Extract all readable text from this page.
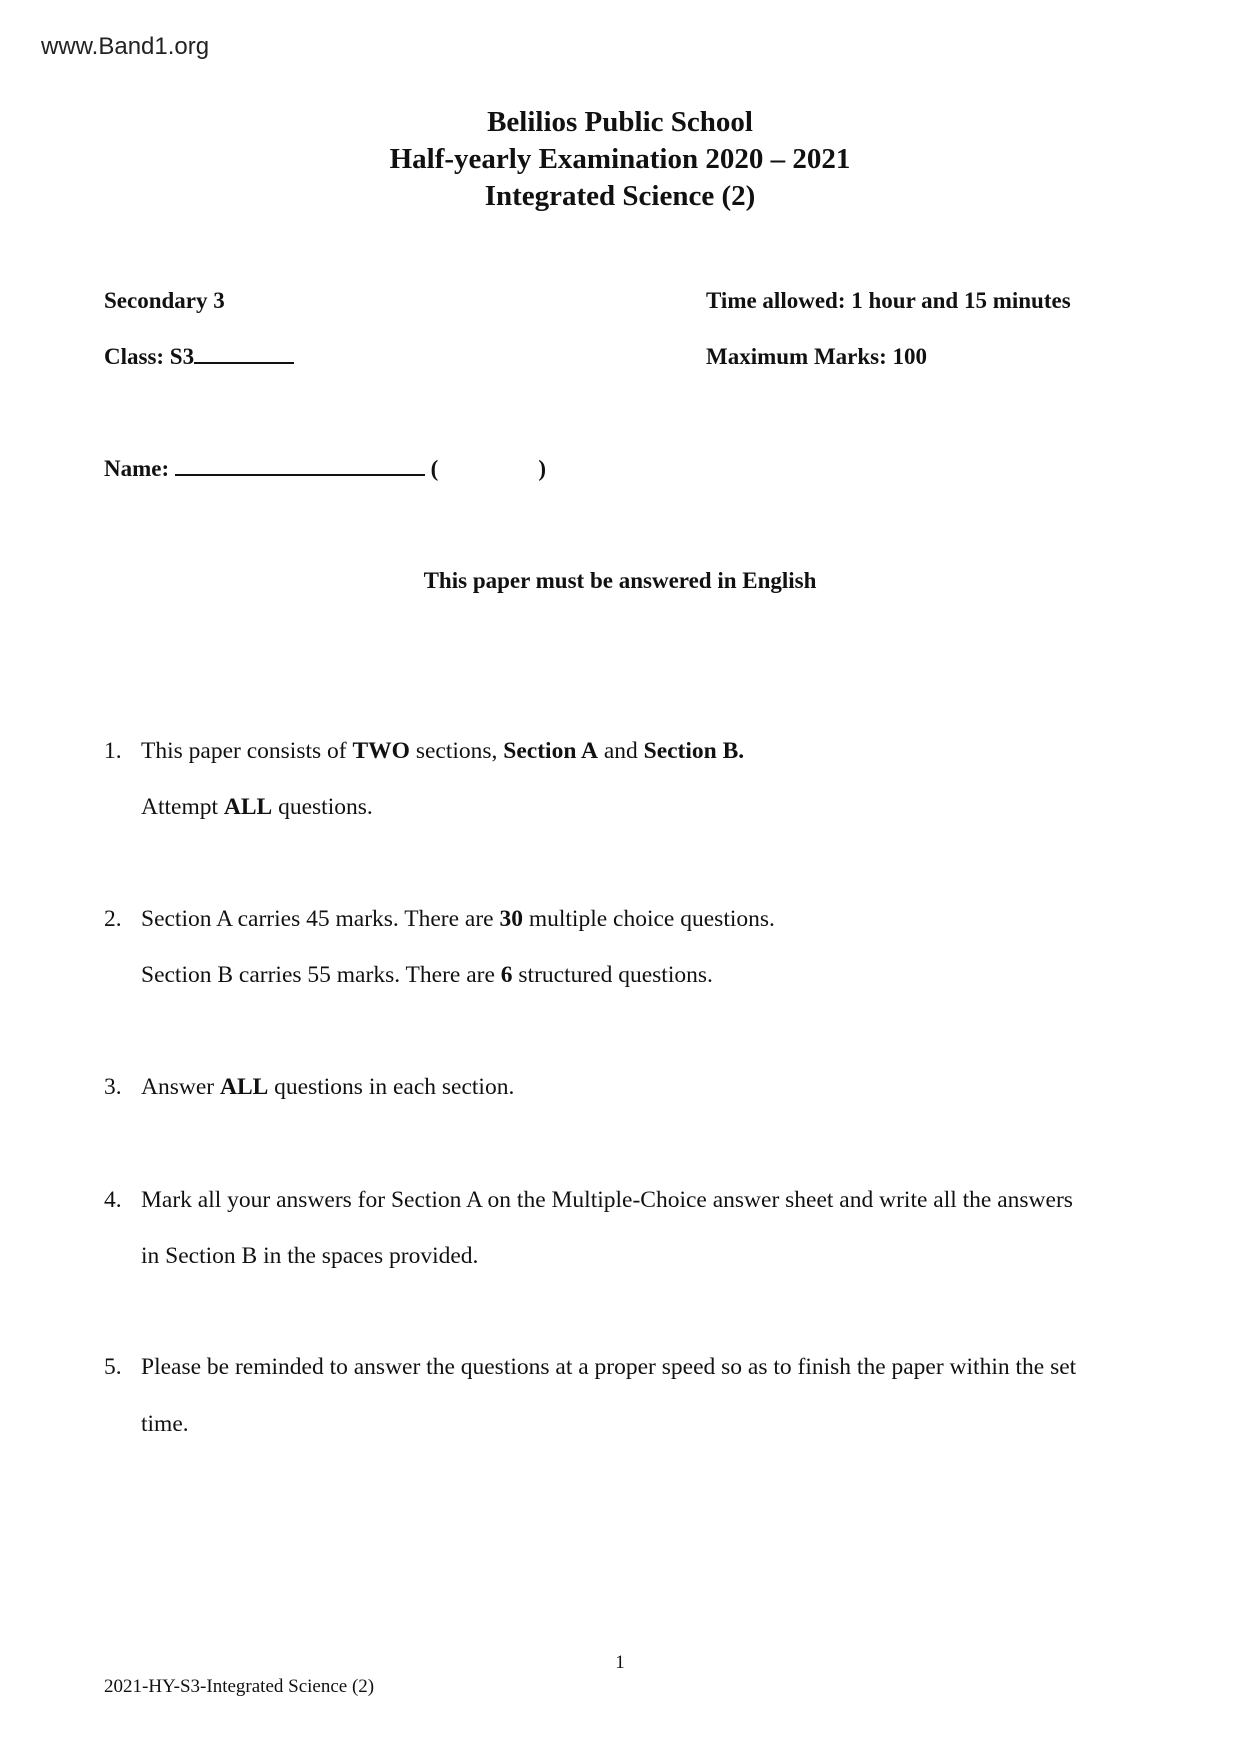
www.Band1.org
Belilios Public School
Half-yearly Examination 2020 – 2021
Integrated Science (2)
Secondary 3	Time allowed: 1 hour and 15 minutes
Class: S3	Maximum Marks: 100
Name:	(	)
This paper must be answered in English
1. This paper consists of TWO sections, Section A and Section B.
Attempt ALL questions.
2. Section A carries 45 marks. There are 30 multiple choice questions.
Section B carries 55 marks. There are 6 structured questions.
3. Answer ALL questions in each section.
4. Mark all your answers for Section A on the Multiple-Choice answer sheet and write all the answers
in Section B in the spaces provided.
5. Please be reminded to answer the questions at a proper speed so as to finish the paper within the set
time.
1
2021-HY-S3-Integrated Science (2)
